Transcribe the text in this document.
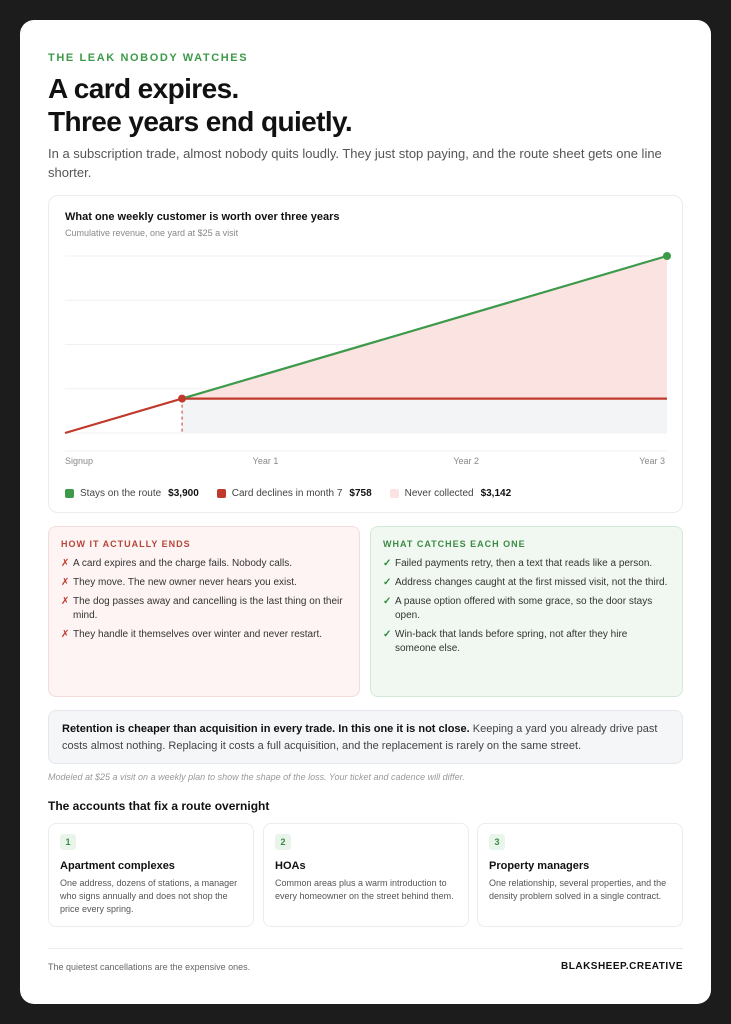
THE LEAK NOBODY WATCHES
A card expires.
Three years end quietly.

In a subscription trade, almost nobody quits loudly. They just stop paying, and the route sheet gets one line shorter.

What one weekly customer is worth over three years
Cumulative revenue, one yard at $25 a visit
Signup	Year 1	Year 2	Year 3
Stays on the route $3,900	Card declines in month 7 $758	Never collected $3,142
HOW IT ACTUALLY ENDS
✗ A card expires and the charge fails. Nobody calls.
✗ They move. The new owner never hears you exist.
✗ The dog passes away and cancelling is the last thing on their mind.
✗ They handle it themselves over winter and never restart.
WHAT CATCHES EACH ONE
✓ Failed payments retry, then a text that reads like a person.
✓ Address changes caught at the first missed visit, not the third.
✓ A pause option offered with some grace, so the door stays open.
✓ Win-back that lands before spring, not after they hire someone else.
Retention is cheaper than acquisition in every trade. In this one it is not close. Keeping a yard you already drive past costs almost nothing. Replacing it costs a full acquisition, and the replacement is rarely on the same street.
Modeled at $25 a visit on a weekly plan to show the shape of the loss. Your ticket and cadence will differ.
The accounts that fix a route overnight
1
Apartment complexes
One address, dozens of stations, a manager who signs annually and does not shop the price every spring.
2
HOAs
Common areas plus a warm introduction to every homeowner on the street behind them.
3
Property managers
One relationship, several properties, and the density problem solved in a single contract.
The quietest cancellations are the expensive ones.	BLAKSHEEP.CREATIVE
